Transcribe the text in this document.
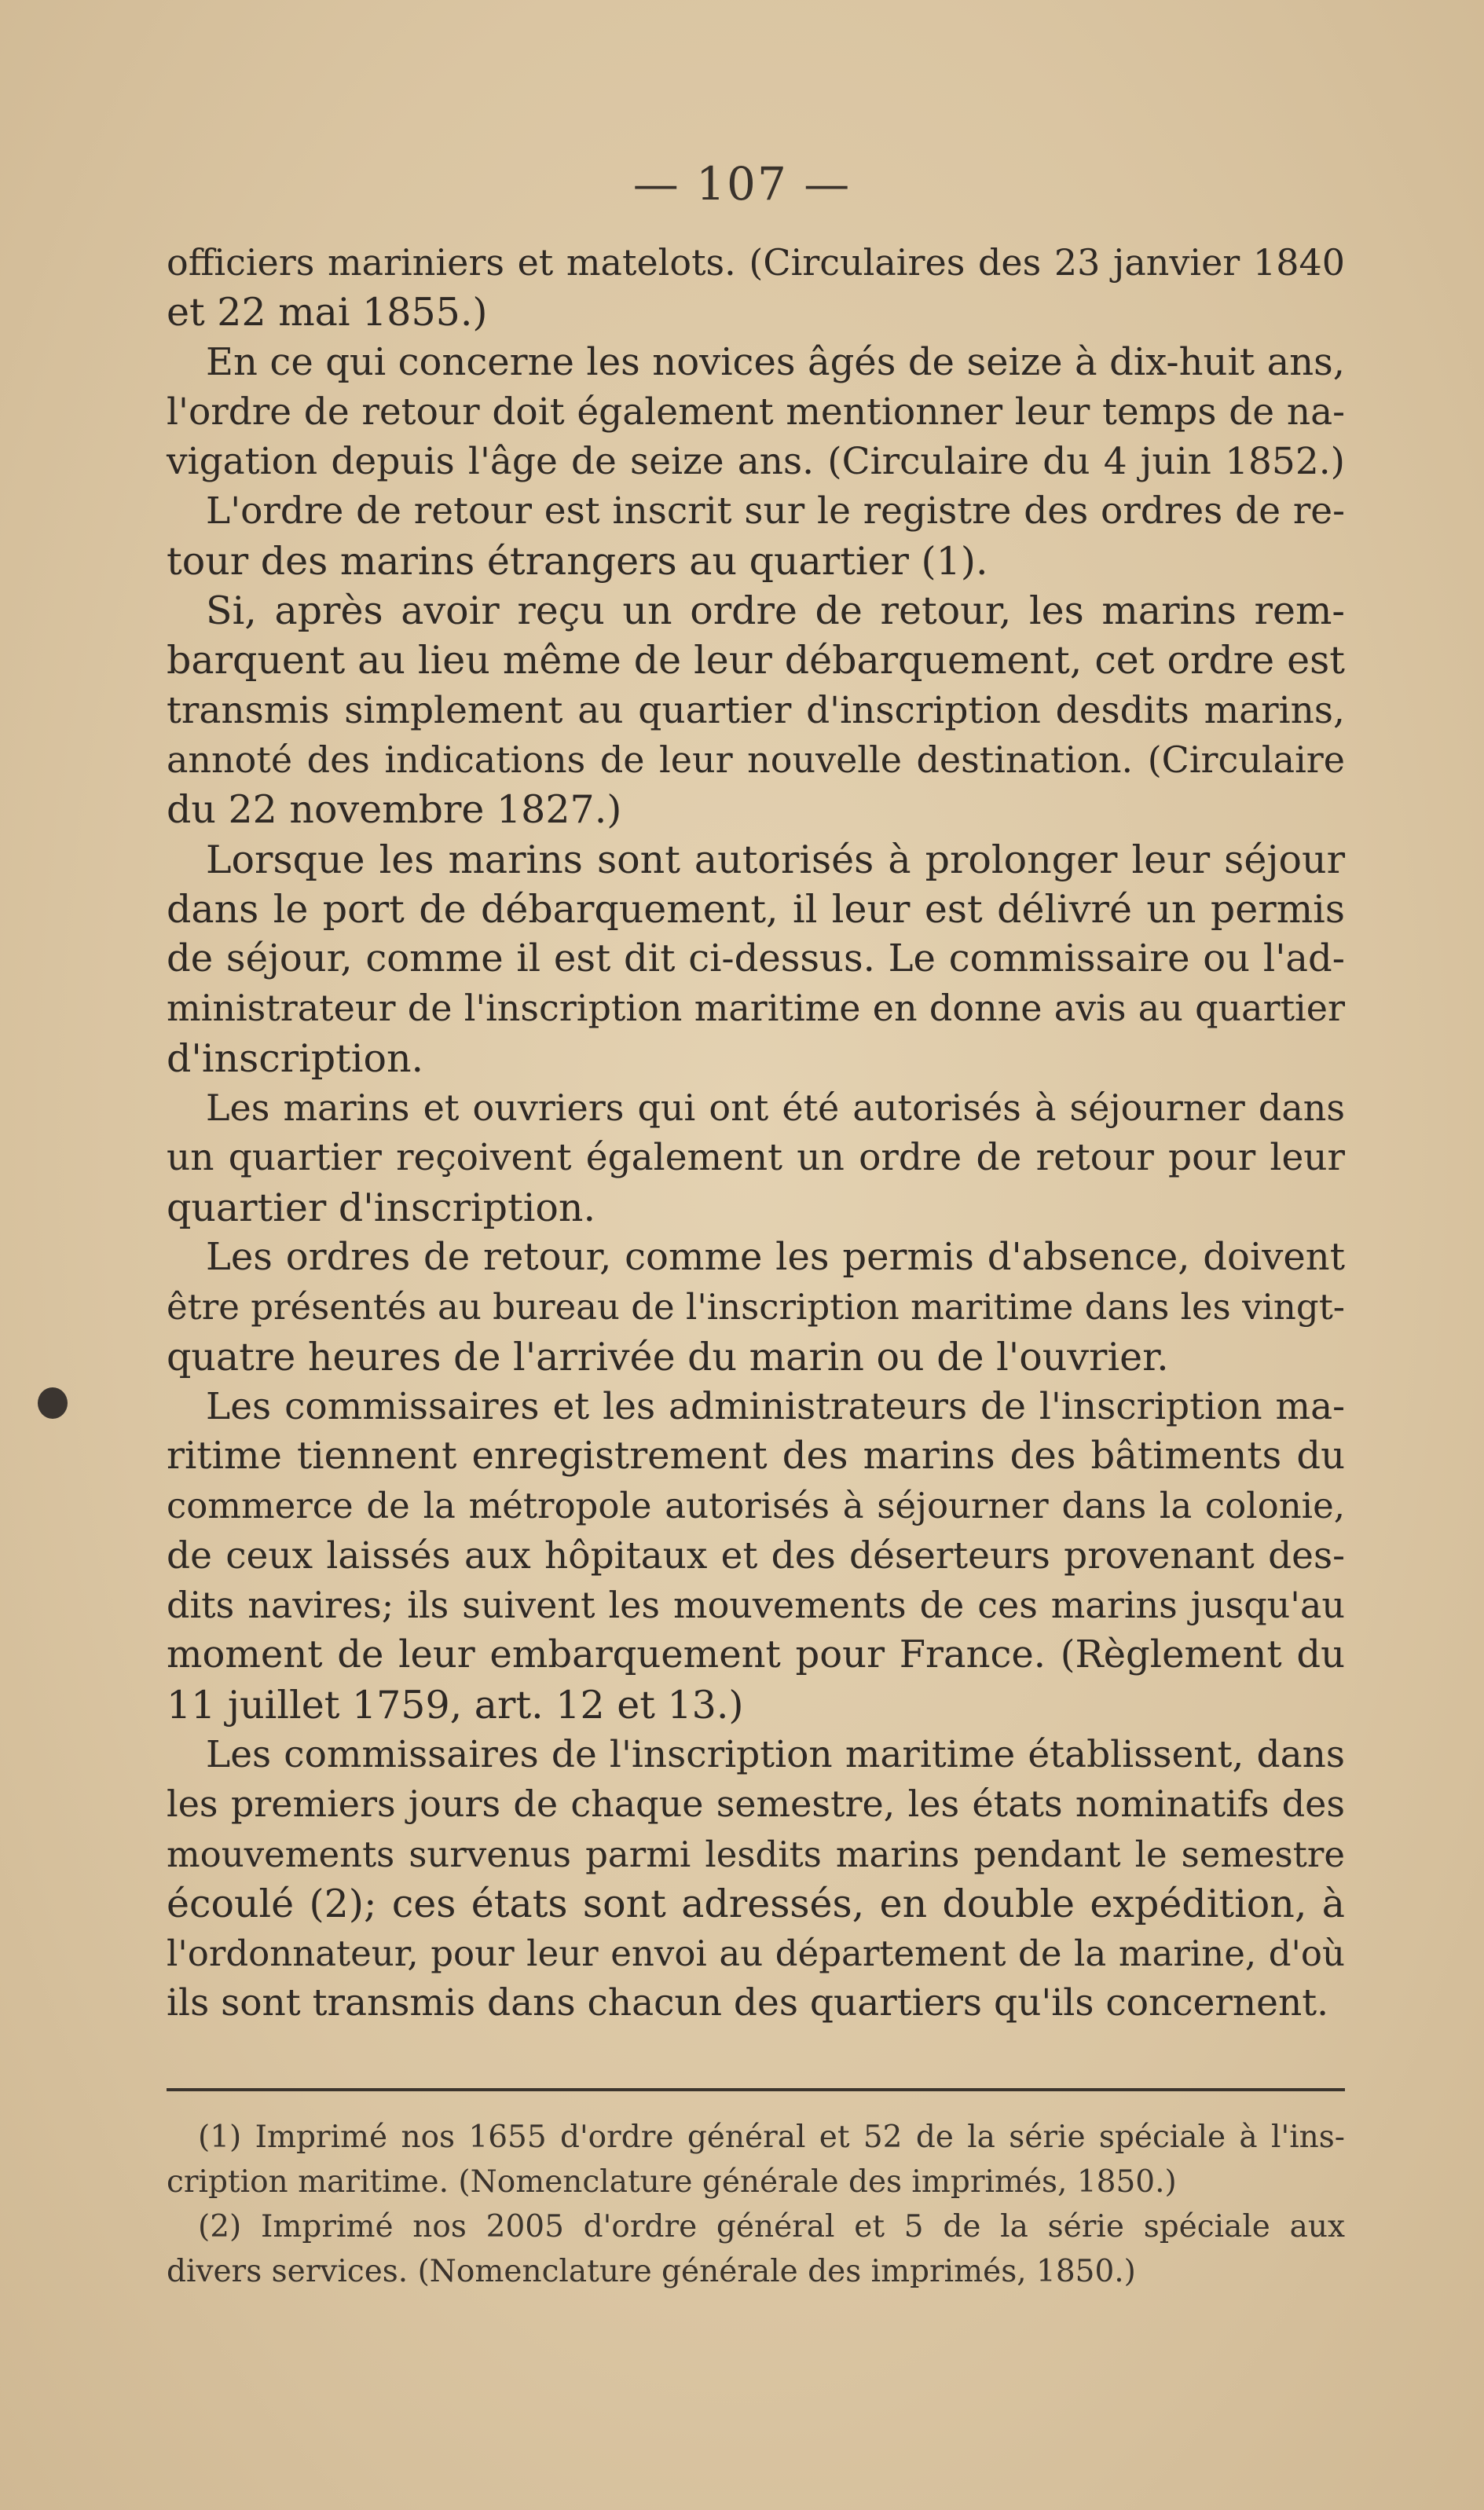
— 107 —
officiers mariniers et matelots. (Circulaires des 23 janvier 1840
et 22 mai 1855.)
En ce qui concerne les novices âgés de seize à dix-huit ans,
l'ordre de retour doit également mentionner leur temps de na-
vigation depuis l'âge de seize ans. (Circulaire du 4 juin 1852.)
L'ordre de retour est inscrit sur le registre des ordres de re-
tour des marins étrangers au quartier (1).
Si, après avoir reçu un ordre de retour, les marins rem-
barquent au lieu même de leur débarquement, cet ordre est
transmis simplement au quartier d'inscription desdits marins,
annoté des indications de leur nouvelle destination. (Circulaire
du 22 novembre 1827.)
Lorsque les marins sont autorisés à prolonger leur séjour
dans le port de débarquement, il leur est délivré un permis
de séjour, comme il est dit ci-dessus. Le commissaire ou l'ad-
ministrateur de l'inscription maritime en donne avis au quartier
d'inscription.
Les marins et ouvriers qui ont été autorisés à séjourner dans
un quartier reçoivent également un ordre de retour pour leur
quartier d'inscription.
Les ordres de retour, comme les permis d'absence, doivent
être présentés au bureau de l'inscription maritime dans les vingt-
quatre heures de l'arrivée du marin ou de l'ouvrier.
Les commissaires et les administrateurs de l'inscription ma-
ritime tiennent enregistrement des marins des bâtiments du
commerce de la métropole autorisés à séjourner dans la colonie,
de ceux laissés aux hôpitaux et des déserteurs provenant des-
dits navires; ils suivent les mouvements de ces marins jusqu'au
moment de leur embarquement pour France. (Règlement du
11 juillet 1759, art. 12 et 13.)
Les commissaires de l'inscription maritime établissent, dans
les premiers jours de chaque semestre, les états nominatifs des
mouvements survenus parmi lesdits marins pendant le semestre
écoulé (2); ces états sont adressés, en double expédition, à
l'ordonnateur, pour leur envoi au département de la marine, d'où
ils sont transmis dans chacun des quartiers qu'ils concernent.
(1) Imprimé nos 1655 d'ordre général et 52 de la série spéciale à l'ins-
cription maritime. (Nomenclature générale des imprimés, 1850.)
(2) Imprimé nos 2005 d'ordre général et 5 de la série spéciale aux
divers services. (Nomenclature générale des imprimés, 1850.)
